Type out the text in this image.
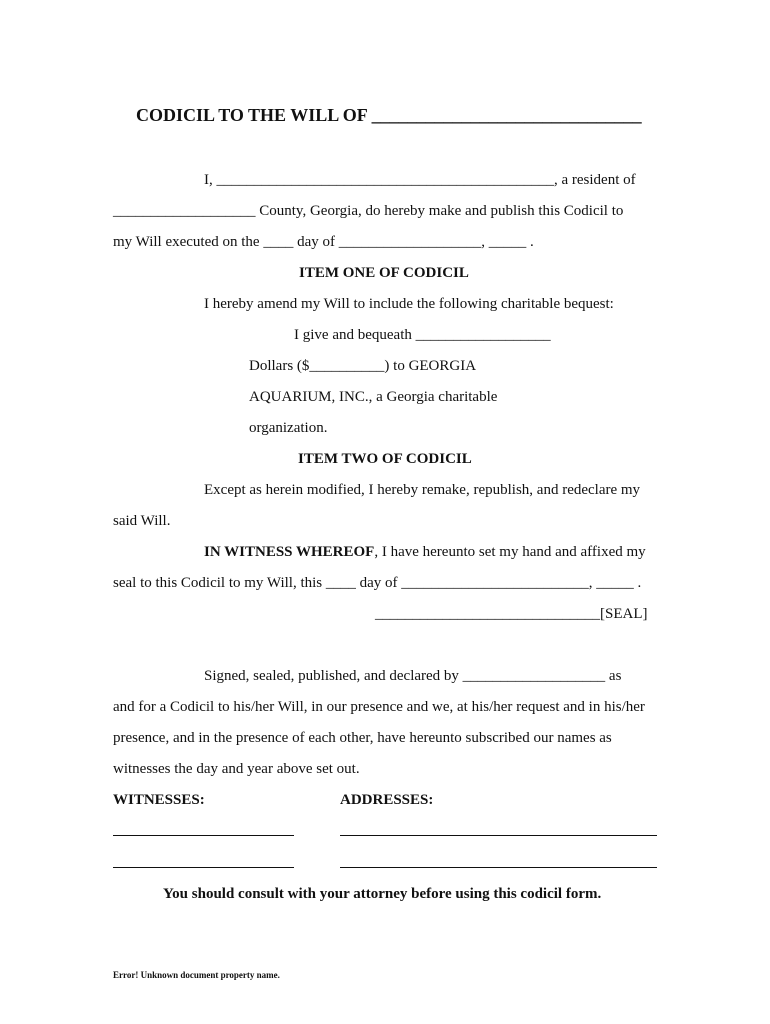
CODICIL TO THE WILL OF ______________________________
I, _____________________________________________, a resident of
___________________ County, Georgia, do hereby make and publish this Codicil to
my Will executed on the ____ day of ___________________, _____ .
ITEM ONE OF CODICIL
I hereby amend my Will to include the following charitable bequest:
I give and bequeath __________________
Dollars ($__________) to GEORGIA
AQUARIUM, INC., a Georgia charitable
organization.
ITEM TWO OF CODICIL
Except as herein modified, I hereby remake, republish, and redeclare my
said Will.
IN WITNESS WHEREOF, I have hereunto set my hand and affixed my
seal to this Codicil to my Will, this ____ day of _________________________, _____ .
______________________________[SEAL]
Signed, sealed, published, and declared by ___________________ as
and for a Codicil to his/her Will, in our presence and we, at his/her request and in his/her
presence, and in the presence of each other, have hereunto subscribed our names as
witnesses the day and year above set out.
WITNESSES:	ADDRESSES:
You should consult with your attorney before using this codicil form.
Error! Unknown document property name.
